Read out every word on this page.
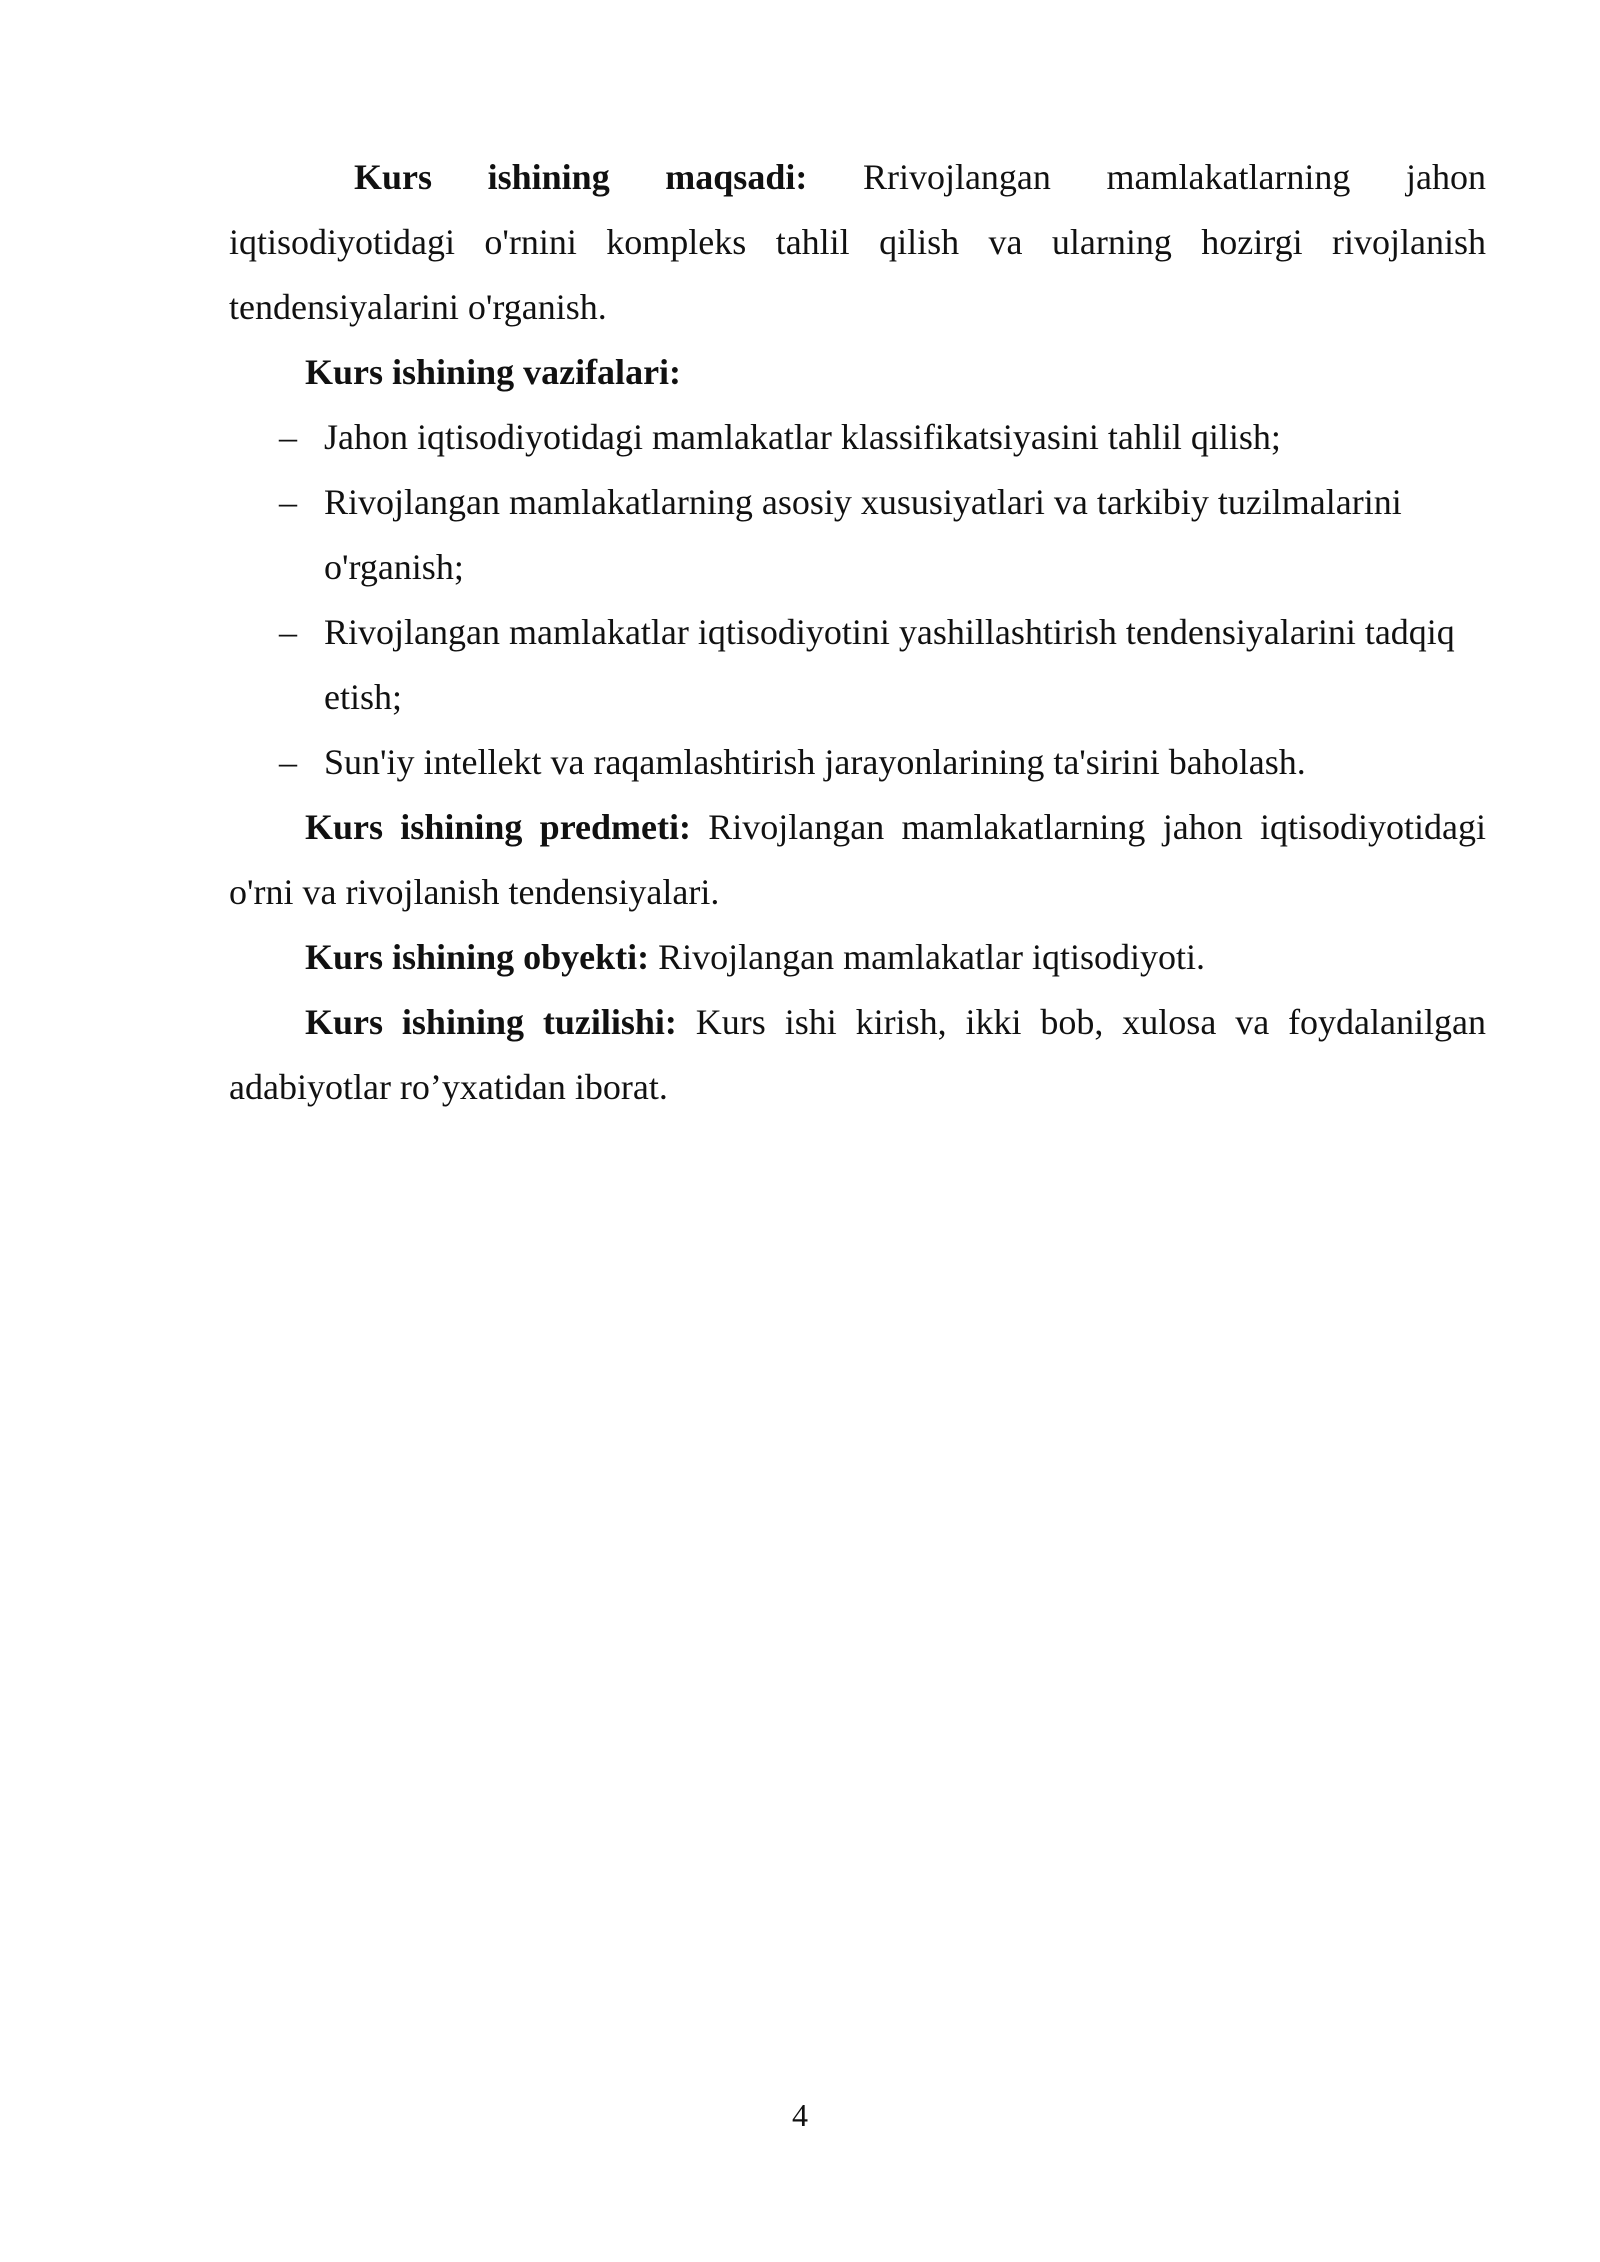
Kurs ishining maqsadi: Rrivojlangan mamlakatlarning jahon iqtisodiyotidagi o'rnini kompleks tahlil qilish va ularning hozirgi rivojlanish tendensiyalarini o'rganish.

Kurs ishining vazifalari:

– Jahon iqtisodiyotidagi mamlakatlar klassifikatsiyasini tahlil qilish;
– Rivojlangan mamlakatlarning asosiy xususiyatlari va tarkibiy tuzilmalarini o'rganish;
– Rivojlangan mamlakatlar iqtisodiyotini yashillashtirish tendensiyalarini tadqiq etish;
– Sun'iy intellekt va raqamlashtirish jarayonlarining ta'sirini baholash.

Kurs ishining predmeti: Rivojlangan mamlakatlarning jahon iqtisodiyotidagi o'rni va rivojlanish tendensiyalari.

Kurs ishining obyekti: Rivojlangan mamlakatlar iqtisodiyoti.

Kurs ishining tuzilishi: Kurs ishi kirish, ikki bob, xulosa va foydalanilgan adabiyotlar ro’yxatidan iborat.

4
